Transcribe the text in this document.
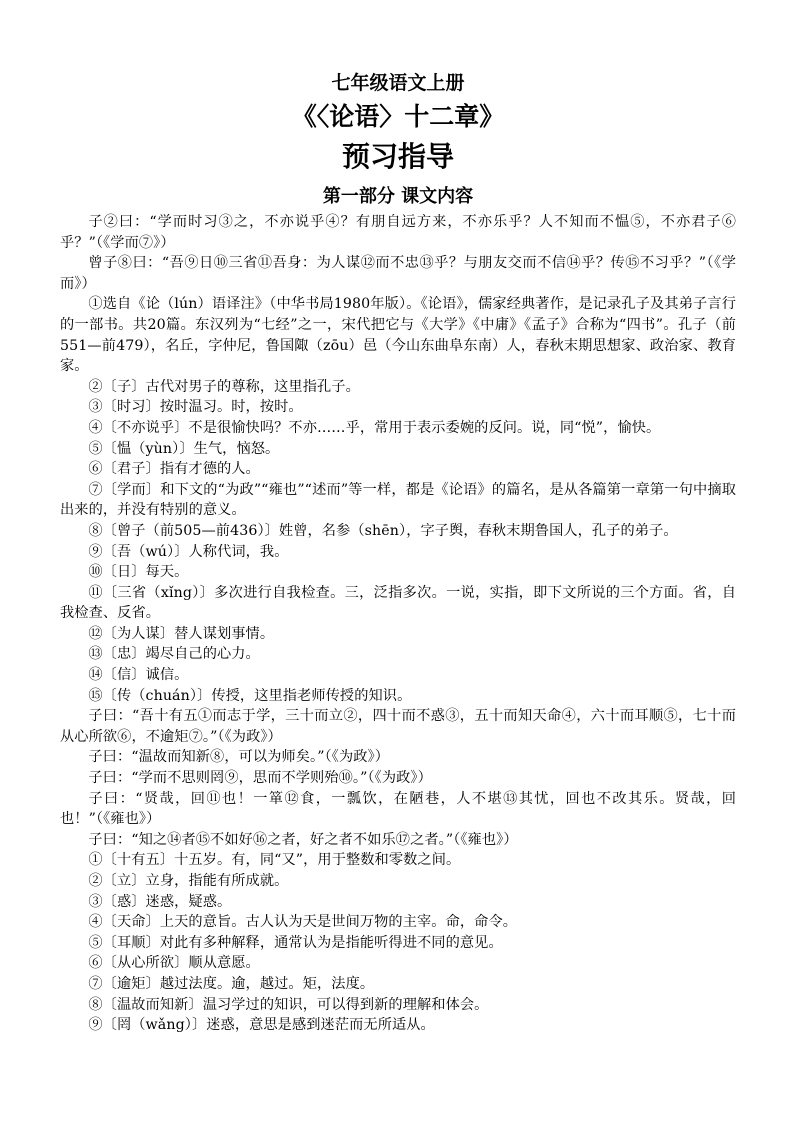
七年级语文上册
《〈论语〉十二章》
预习指导
第一部分 课文内容

子②曰：“学而时习③之，不亦说乎④？有朋自远方来，不亦乐乎？人不知而不愠⑤，不亦君子⑥乎？”（《学而⑦》）

曾子⑧曰：“吾⑨日⑩三省⑪吾身：为人谋⑫而不忠⑬乎？与朋友交而不信⑭乎？传⑮不习乎？”（《学而》）

①选自《论（lún）语译注》（中华书局1980年版）。《论语》，儒家经典著作，是记录孔子及其弟子言行的一部书。共20篇。东汉列为“七经”之一，宋代把它与《大学》《中庸》《孟子》合称为“四书”。孔子（前551—前479），名丘，字仲尼，鲁国陬（zōu）邑（今山东曲阜东南）人，春秋末期思想家、政治家、教育家。

②〔子〕古代对男子的尊称，这里指孔子。

③〔时习〕按时温习。时，按时。

④〔不亦说乎〕不是很愉快吗？不亦……乎，常用于表示委婉的反问。说，同“悦”，愉快。

⑤〔愠（yùn）〕生气，恼怒。

⑥〔君子〕指有才德的人。

⑦〔学而〕和下文的“为政”“雍也”“述而”等一样，都是《论语》的篇名，是从各篇第一章第一句中摘取出来的，并没有特别的意义。

⑧〔曾子（前505—前436）〕姓曾，名参（shēn），字子舆，春秋末期鲁国人，孔子的弟子。

⑨〔吾（wú）〕人称代词，我。

⑩〔日〕每天。

⑪〔三省（xǐng）〕多次进行自我检查。三，泛指多次。一说，实指，即下文所说的三个方面。省，自我检查、反省。

⑫〔为人谋〕替人谋划事情。

⑬〔忠〕竭尽自己的心力。

⑭〔信〕诚信。

⑮〔传（chuán）〕传授，这里指老师传授的知识。

子曰：“吾十有五①而志于学，三十而立②，四十而不惑③，五十而知天命④，六十而耳顺⑤，七十而从心所欲⑥，不逾矩⑦。”（《为政》）

子曰：“温故而知新⑧，可以为师矣。”（《为政》）

子曰：“学而不思则罔⑨，思而不学则殆⑩。”（《为政》）

子曰：“贤哉，回⑪也！一箪⑫食，一瓢饮，在陋巷，人不堪⑬其忧，回也不改其乐。贤哉，回也！”（《雍也》）

子曰：“知之⑭者⑮不如好⑯之者，好之者不如乐⑰之者。”（《雍也》）

①〔十有五〕十五岁。有，同“又”，用于整数和零数之间。

②〔立〕立身，指能有所成就。

③〔惑〕迷惑，疑惑。

④〔天命〕上天的意旨。古人认为天是世间万物的主宰。命，命令。

⑤〔耳顺〕对此有多种解释，通常认为是指能听得进不同的意见。

⑥〔从心所欲〕顺从意愿。

⑦〔逾矩〕越过法度。逾，越过。矩，法度。

⑧〔温故而知新〕温习学过的知识，可以得到新的理解和体会。

⑨〔罔（wǎng）〕迷惑，意思是感到迷茫而无所适从。
